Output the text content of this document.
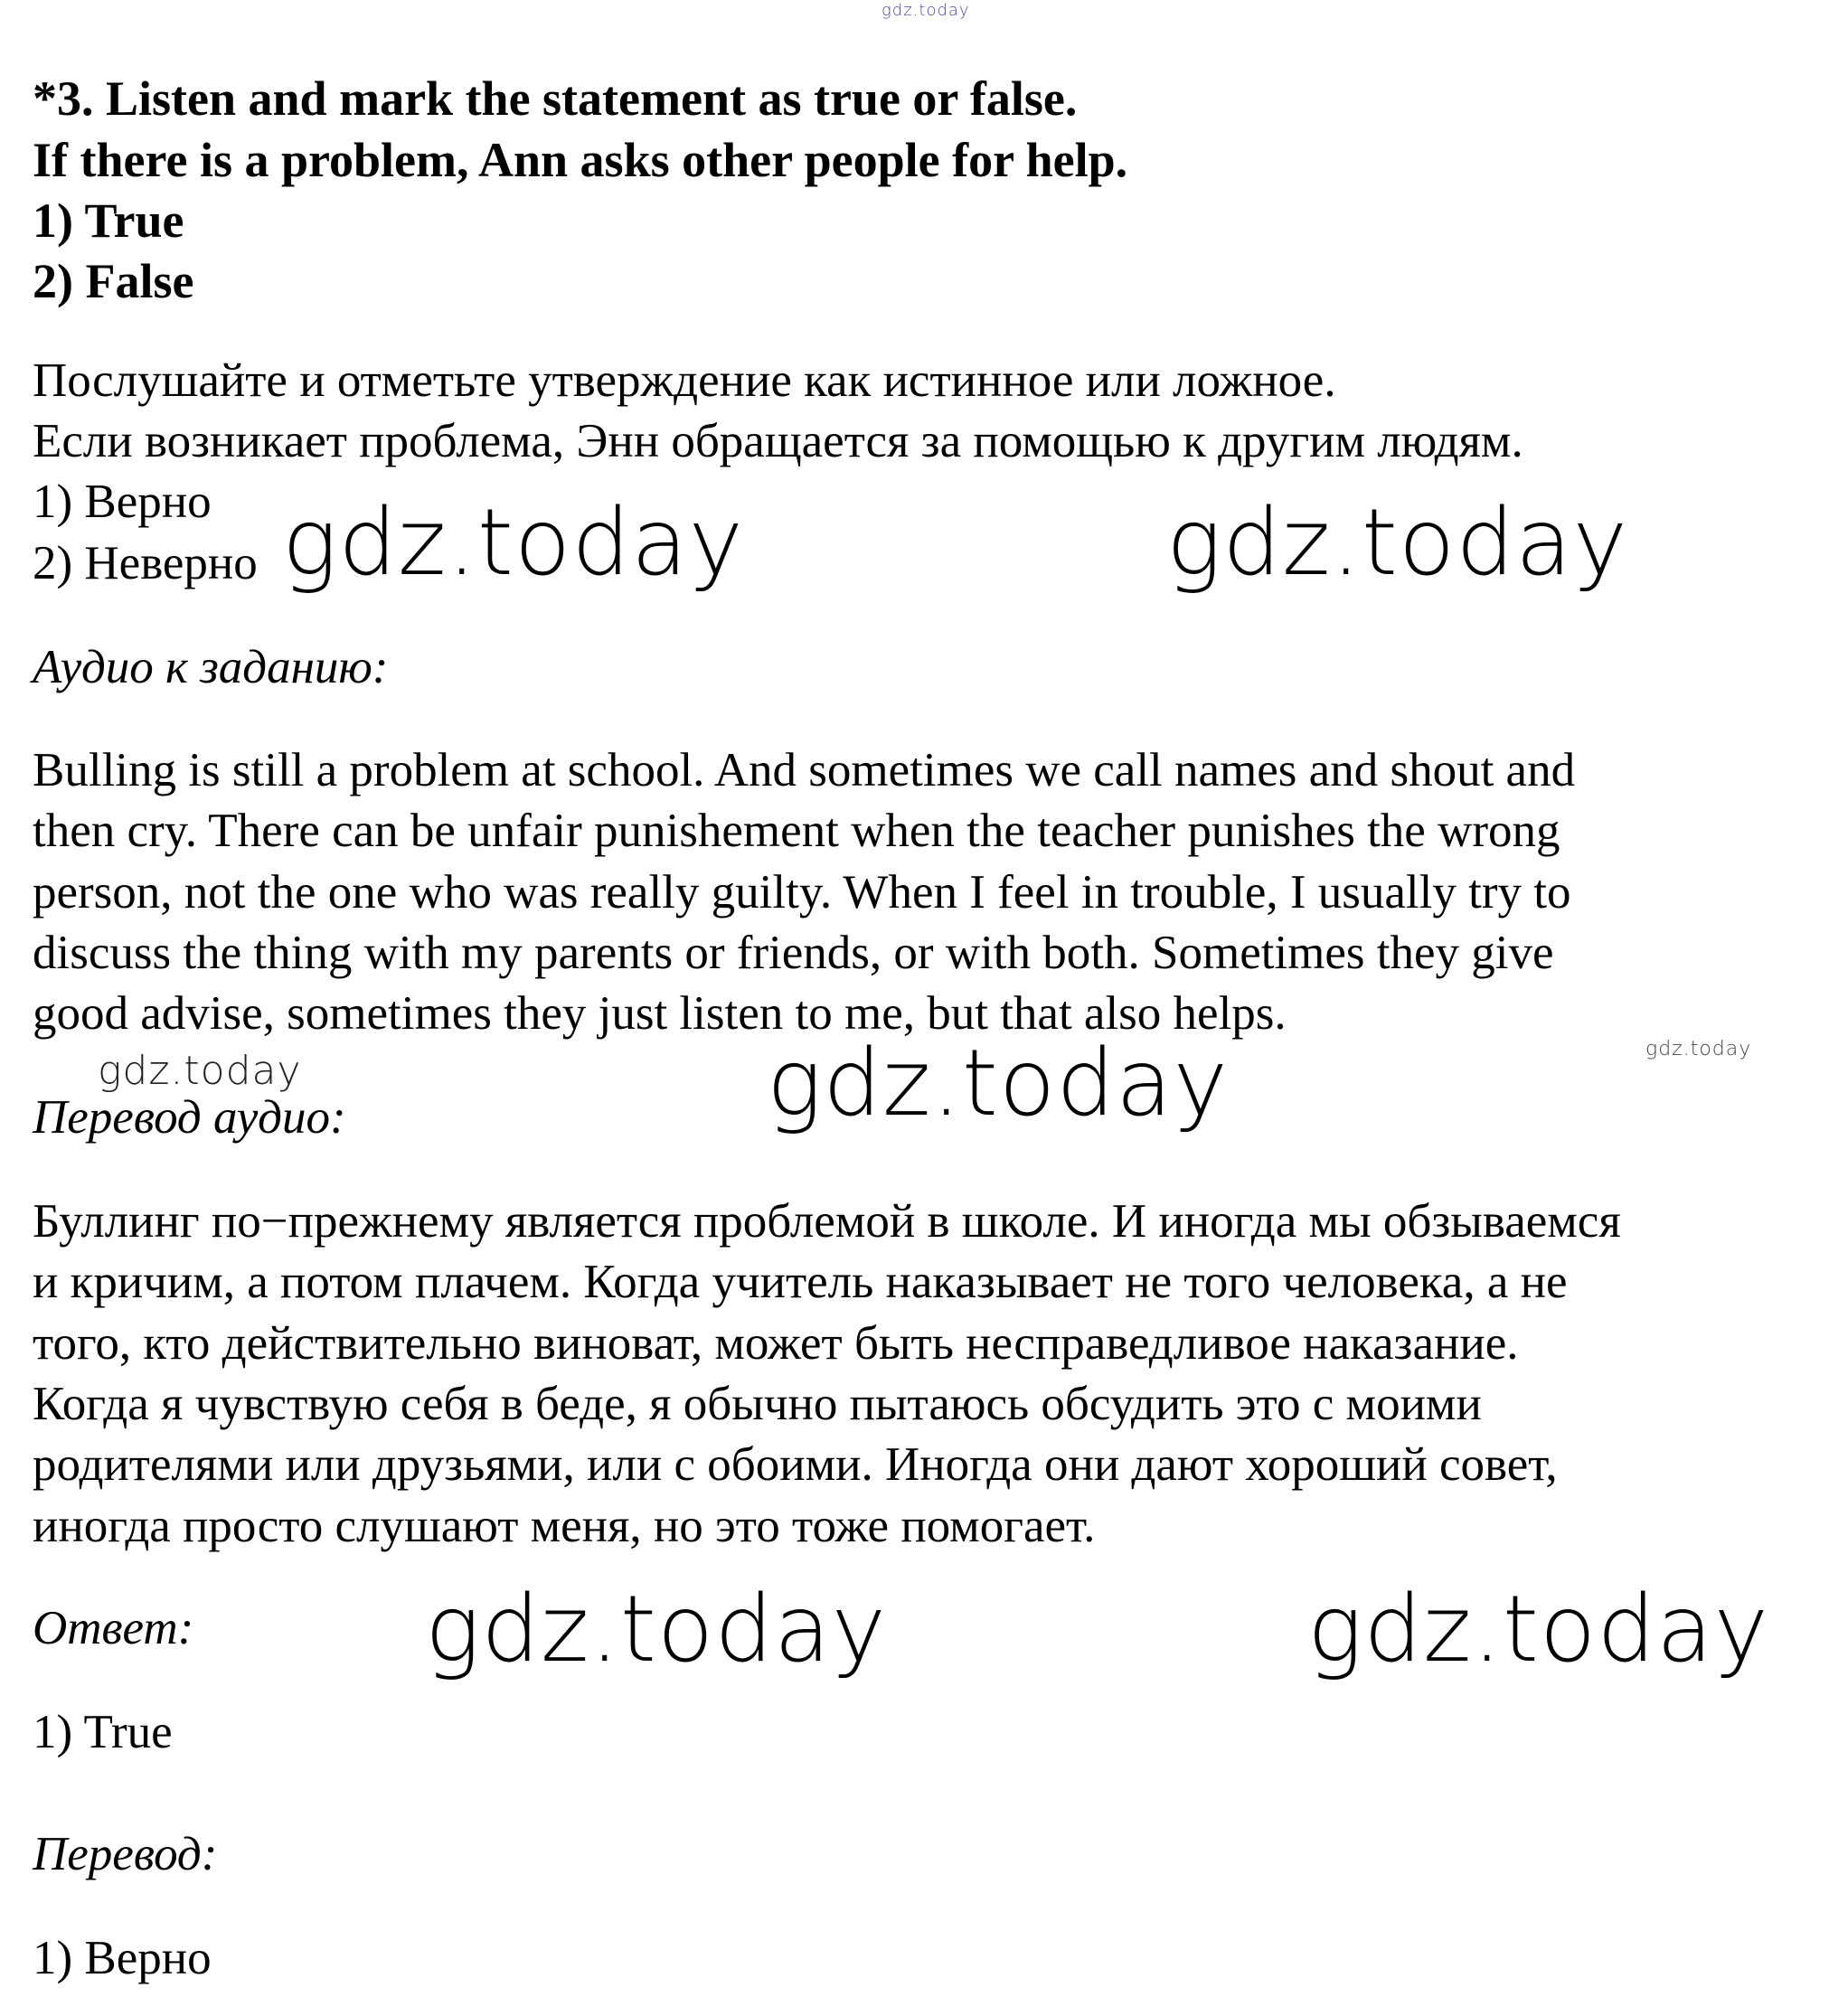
gdz.today
*3. Listen and mark the statement as true or false.
If there is a problem, Ann asks other people for help.
1) True
2) False
Послушайте и отметьте утверждение как истинное или ложное.
Если возникает проблема, Энн обращается за помощью к другим людям.
1) Верно
2) Неверно gdz.today	gdz.today
Аудио к заданию:
Bulling is still a problem at school. And sometimes we call names and shout and
then cry. There can be unfair punishement when the teacher punishes the wrong
person, not the one who was really guilty. When I feel in trouble, I usually try to
discuss the thing with my parents or friends, or with both. Sometimes they give
good advise, sometimes they just listen to me, but that also helps.
gdz.today	gdz.today	gdz.today
Перевод аудио:
Буллинг по−прежнему является проблемой в школе. И иногда мы обзываемся
и кричим, а потом плачем. Когда учитель наказывает не того человека, а не
того, кто действительно виноват, может быть несправедливое наказание.
Когда я чувствую себя в беде, я обычно пытаюсь обсудить это с моими
родителями или друзьями, или с обоими. Иногда они дают хороший совет,
иногда просто слушают меня, но это тоже помогает.
Ответ:	gdz.today	gdz.today
1) True
Перевод:
1) Верно
